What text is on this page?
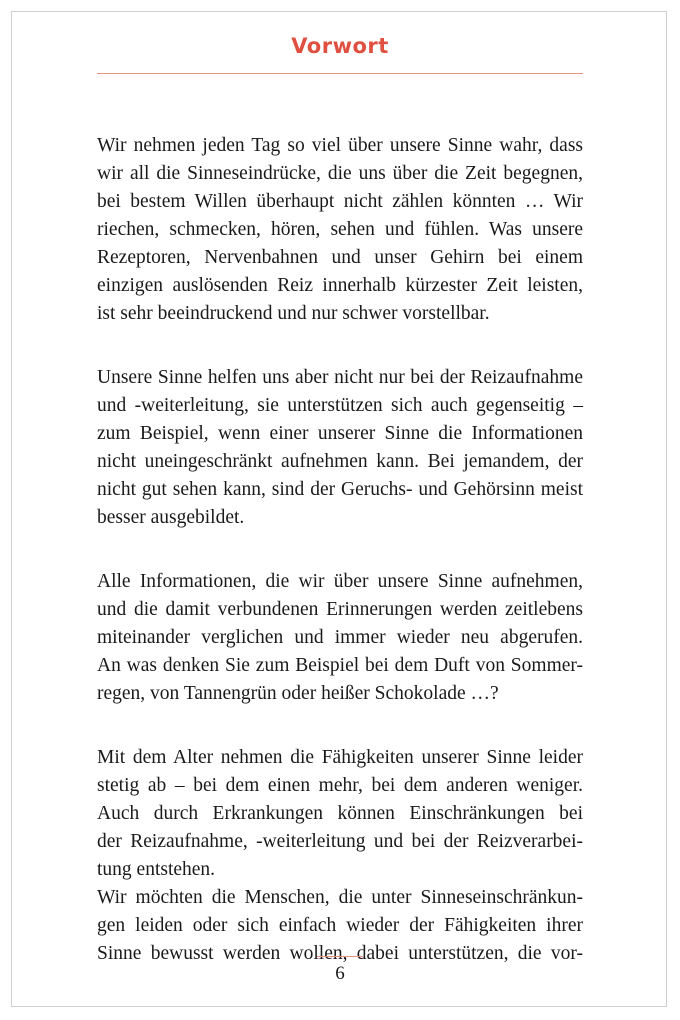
Vorwort

Wir nehmen jeden Tag so viel über unsere Sinne wahr, dass
wir all die Sinneseindrücke, die uns über die Zeit begegnen,
bei bestem Willen überhaupt nicht zählen könnten … Wir
riechen, schmecken, hören, sehen und fühlen. Was unsere
Rezeptoren, Nervenbahnen und unser Gehirn bei einem
einzigen auslösenden Reiz innerhalb kürzester Zeit leisten,
ist sehr beeindruckend und nur schwer vorstellbar.

Unsere Sinne helfen uns aber nicht nur bei der Reizaufnahme
und -weiterleitung, sie unterstützen sich auch gegenseitig –
zum Beispiel, wenn einer unserer Sinne die Informationen
nicht uneingeschränkt aufnehmen kann. Bei jemandem, der
nicht gut sehen kann, sind der Geruchs- und Gehörsinn meist
besser ausgebildet.

Alle Informationen, die wir über unsere Sinne aufnehmen,
und die damit verbundenen Erinnerungen werden zeitlebens
miteinander verglichen und immer wieder neu abgerufen.
An was denken Sie zum Beispiel bei dem Duft von Sommer-
regen, von Tannengrün oder heißer Schokolade …?

Mit dem Alter nehmen die Fähigkeiten unserer Sinne leider
stetig ab – bei dem einen mehr, bei dem anderen weniger.
Auch durch Erkrankungen können Einschränkungen bei
der Reizaufnahme, -weiterleitung und bei der Reizverarbei-
tung entstehen.

Wir möchten die Menschen, die unter Sinneseinschränkun-
gen leiden oder sich einfach wieder der Fähigkeiten ihrer
Sinne bewusst werden wollen, dabei unterstützen, die vor-

6
